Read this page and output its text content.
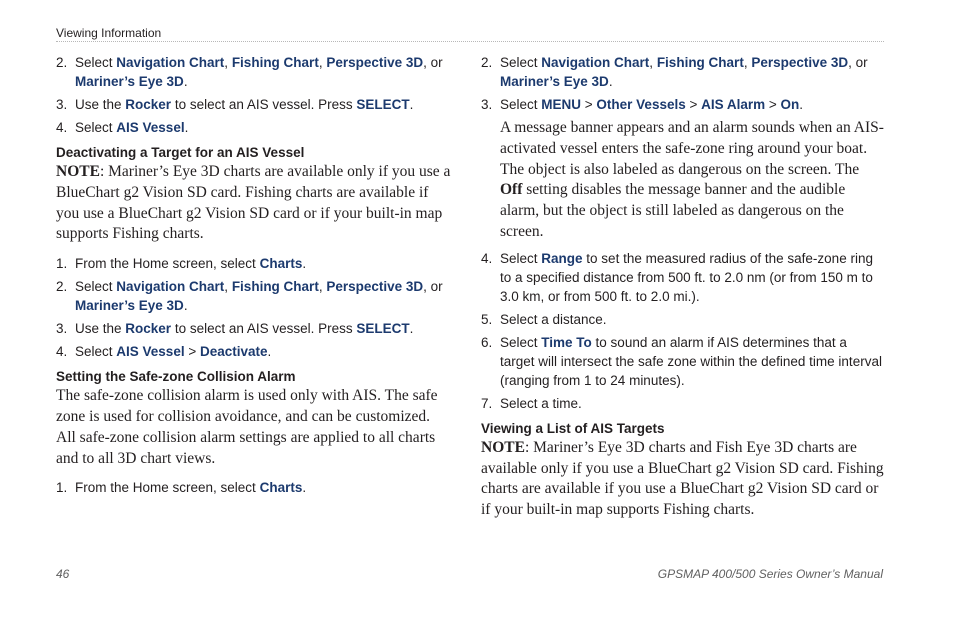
Viewing Information
2. Select Navigation Chart, Fishing Chart, Perspective 3D, or Mariner’s Eye 3D.
3. Use the Rocker to select an AIS vessel. Press SELECT.
4. Select AIS Vessel.
Deactivating a Target for an AIS Vessel
NOTE: Mariner’s Eye 3D charts are available only if you use a BlueChart g2 Vision SD card. Fishing charts are available if you use a BlueChart g2 Vision SD card or if your built-in map supports Fishing charts.
1. From the Home screen, select Charts.
2. Select Navigation Chart, Fishing Chart, Perspective 3D, or Mariner’s Eye 3D.
3. Use the Rocker to select an AIS vessel. Press SELECT.
4. Select AIS Vessel > Deactivate.
Setting the Safe-zone Collision Alarm
The safe-zone collision alarm is used only with AIS. The safe zone is used for collision avoidance, and can be customized. All safe-zone collision alarm settings are applied to all charts and to all 3D chart views.
1. From the Home screen, select Charts.
2. Select Navigation Chart, Fishing Chart, Perspective 3D, or Mariner’s Eye 3D.
3. Select MENU > Other Vessels > AIS Alarm > On.
A message banner appears and an alarm sounds when an AIS-activated vessel enters the safe-zone ring around your boat. The object is also labeled as dangerous on the screen. The Off setting disables the message banner and the audible alarm, but the object is still labeled as dangerous on the screen.
4. Select Range to set the measured radius of the safe-zone ring to a specified distance from 500 ft. to 2.0 nm (or from 150 m to 3.0 km, or from 500 ft. to 2.0 mi.).
5. Select a distance.
6. Select Time To to sound an alarm if AIS determines that a target will intersect the safe zone within the defined time interval (ranging from 1 to 24 minutes).
7. Select a time.
Viewing a List of AIS Targets
NOTE: Mariner’s Eye 3D charts and Fish Eye 3D charts are available only if you use a BlueChart g2 Vision SD card. Fishing charts are available if you use a BlueChart g2 Vision SD card or if your built-in map supports Fishing charts.
46	GPSMAP 400/500 Series Owner’s Manual
